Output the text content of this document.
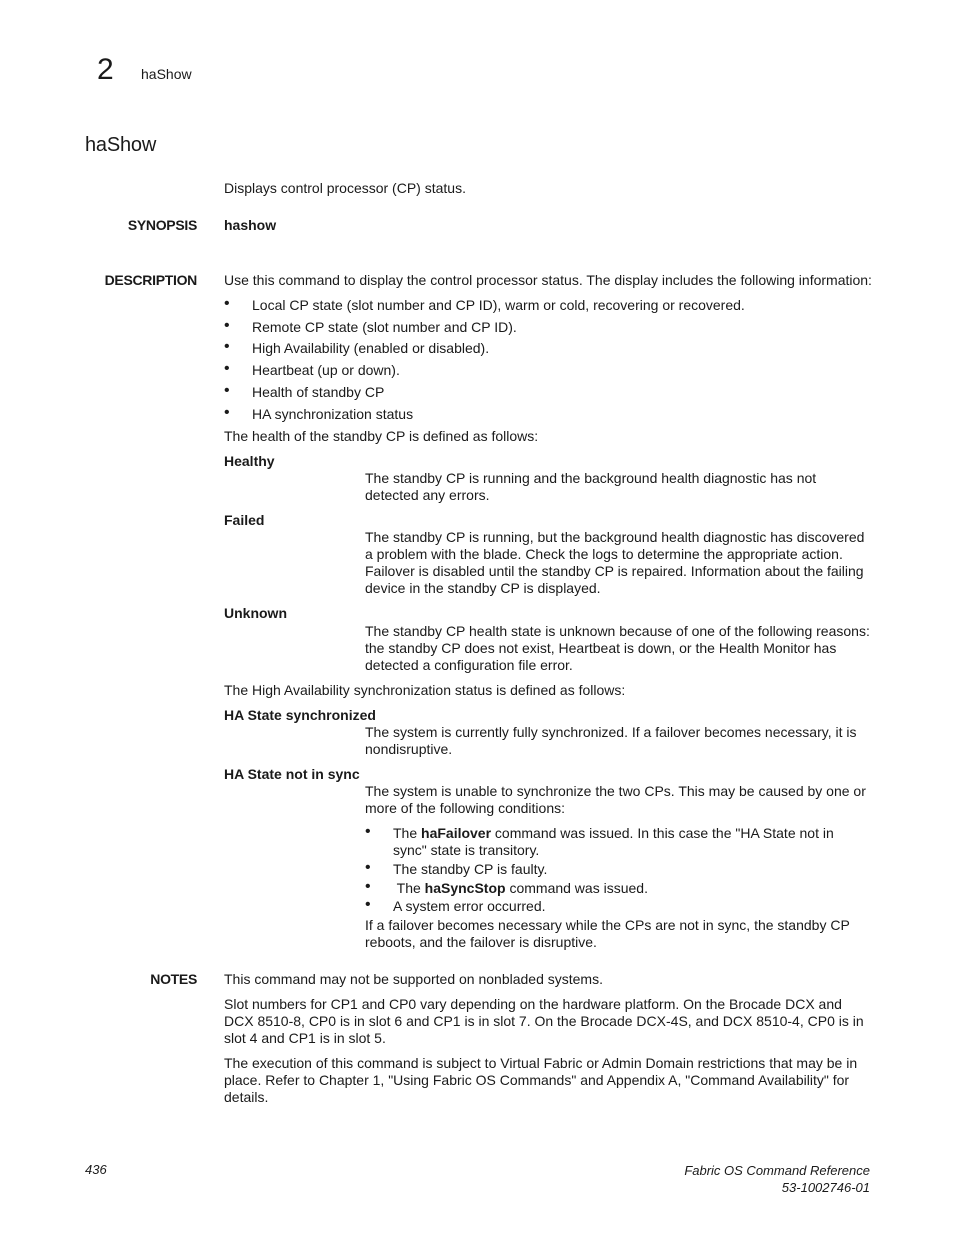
2 haShow
haShow
Displays control processor (CP) status.
SYNOPSIS hashow
DESCRIPTION Use this command to display the control processor status. The display includes the following information:
• Local CP state (slot number and CP ID), warm or cold, recovering or recovered.
• Remote CP state (slot number and CP ID).
• High Availability (enabled or disabled).
• Heartbeat (up or down).
• Health of standby CP
• HA synchronization status
The health of the standby CP is defined as follows:
Healthy
The standby CP is running and the background health diagnostic has not detected any errors.
Failed
The standby CP is running, but the background health diagnostic has discovered a problem with the blade. Check the logs to determine the appropriate action. Failover is disabled until the standby CP is repaired. Information about the failing device in the standby CP is displayed.
Unknown
The standby CP health state is unknown because of one of the following reasons: the standby CP does not exist, Heartbeat is down, or the Health Monitor has detected a configuration file error.
The High Availability synchronization status is defined as follows:
HA State synchronized
The system is currently fully synchronized. If a failover becomes necessary, it is nondisruptive.
HA State not in sync
The system is unable to synchronize the two CPs. This may be caused by one or more of the following conditions:
• The haFailover command was issued. In this case the "HA State not in sync" state is transitory.
• The standby CP is faulty.
• The haSyncStop command was issued.
• A system error occurred.
If a failover becomes necessary while the CPs are not in sync, the standby CP reboots, and the failover is disruptive.
NOTES This command may not be supported on nonbladed systems.
Slot numbers for CP1 and CP0 vary depending on the hardware platform. On the Brocade DCX and DCX 8510-8, CP0 is in slot 6 and CP1 is in slot 7. On the Brocade DCX-4S, and DCX 8510-4, CP0 is in slot 4 and CP1 is in slot 5.
The execution of this command is subject to Virtual Fabric or Admin Domain restrictions that may be in place. Refer to Chapter 1, "Using Fabric OS Commands" and Appendix A, "Command Availability" for details.
436	Fabric OS Command Reference
53-1002746-01
